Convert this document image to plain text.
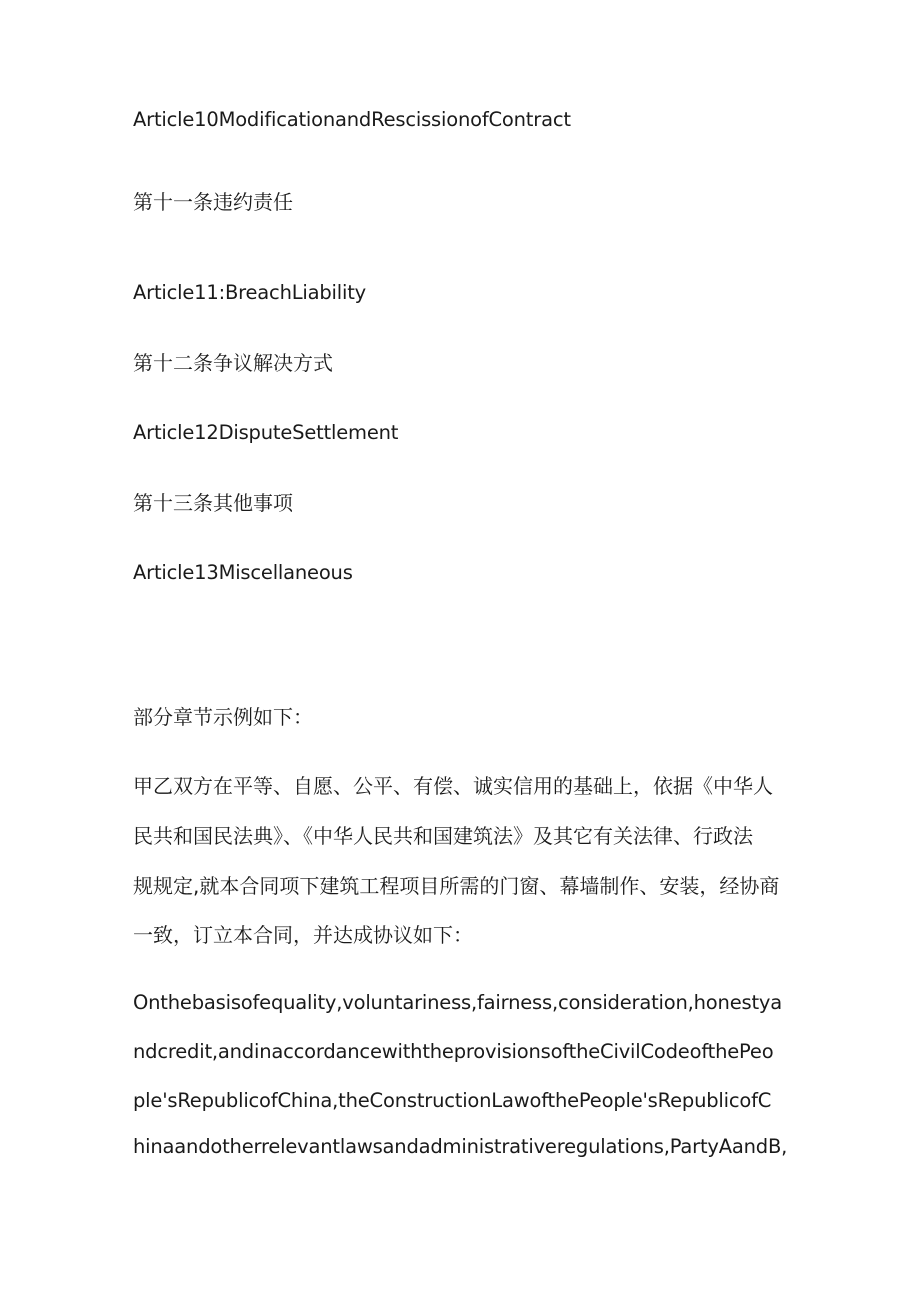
Article10ModificationandRescissionofContract

第十一条违约责任

Article11:BreachLiability

第十二条争议解决方式

Article12DisputeSettlement

第十三条其他事项

Article13Miscellaneous

部分章节示例如下：

甲乙双方在平等、自愿、公平、有偿、诚实信用的基础上，依据《中华人

民共和国民法典》、《中华人民共和国建筑法》及其它有关法律、行政法

规规定,就本合同项下建筑工程项目所需的门窗、幕墙制作、安装，经协商

一致，订立本合同，并达成协议如下：

Onthebasisofequality,voluntariness,fairness,consideration,honestya

ndcredit,andinaccordancewiththeprovisionsoftheCivilCodeofthePeo

ple'sRepublicofChina,theConstructionLawofthePeople'sRepublicofC

hinaandotherrelevantlawsandadministrativeregulations,PartyAandB,
